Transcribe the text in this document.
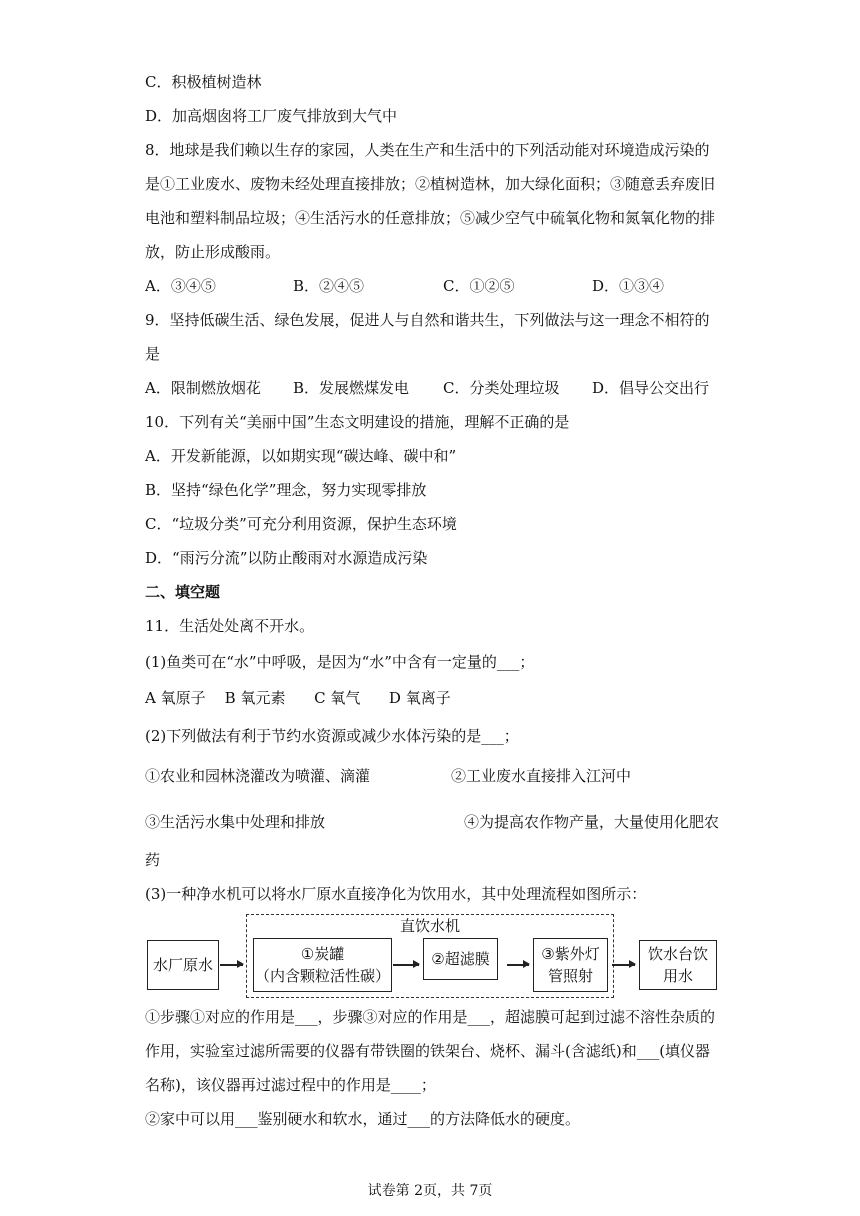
C．积极植树造林
D．加高烟囱将工厂废气排放到大气中
8．地球是我们赖以生存的家园，人类在生产和生活中的下列活动能对环境造成污染的
是①工业废水、废物未经处理直接排放；②植树造林，加大绿化面积；③随意丢弃废旧
电池和塑料制品垃圾；④生活污水的任意排放；⑤减少空气中硫氧化物和氮氧化物的排
放，防止形成酸雨。
A．③④⑤	B．②④⑤	C．①②⑤	D．①③④
9．坚持低碳生活、绿色发展，促进人与自然和谐共生，下列做法与这一理念不相符的
是
A．限制燃放烟花 B．发展燃煤发电 C．分类处理垃圾 D．倡导公交出行
10．下列有关“美丽中国”生态文明建设的措施，理解不正确的是
A．开发新能源，以如期实现“碳达峰、碳中和”
B．坚持“绿色化学”理念，努力实现零排放
C．“垃圾分类”可充分利用资源，保护生态环境
D．“雨污分流”以防止酸雨对水源造成污染
二、填空题
11．生活处处离不开水。
(1)鱼类可在“水”中呼吸，是因为“水”中含有一定量的___；
A 氧原子    B 氧元素      C 氧气      D 氧离子
(2)下列做法有利于节约水资源或减少水体污染的是___；
①农业和园林浇灌改为喷灌、滴灌	②工业废水直接排入江河中
③生活污水集中处理和排放	④为提高农作物产量，大量使用化肥农
药
(3)一种净水机可以将水厂原水直接净化为饮用水，其中处理流程如图所示：
直饮水机
水厂原水
①炭罐
（内含颗粒活性碳）
②超滤膜	③紫外灯
管照射
饮水台饮
用水
①步骤①对应的作用是___，步骤③对应的作用是___，超滤膜可起到过滤不溶性杂质的
作用，实验室过滤所需要的仪器有带铁圈的铁架台、烧杯、漏斗(含滤纸)和___(填仪器
名称)，该仪器再过滤过程中的作用是____；
②家中可以用___鉴别硬水和软水，通过___的方法降低水的硬度。
试卷第 2页，共 7页
